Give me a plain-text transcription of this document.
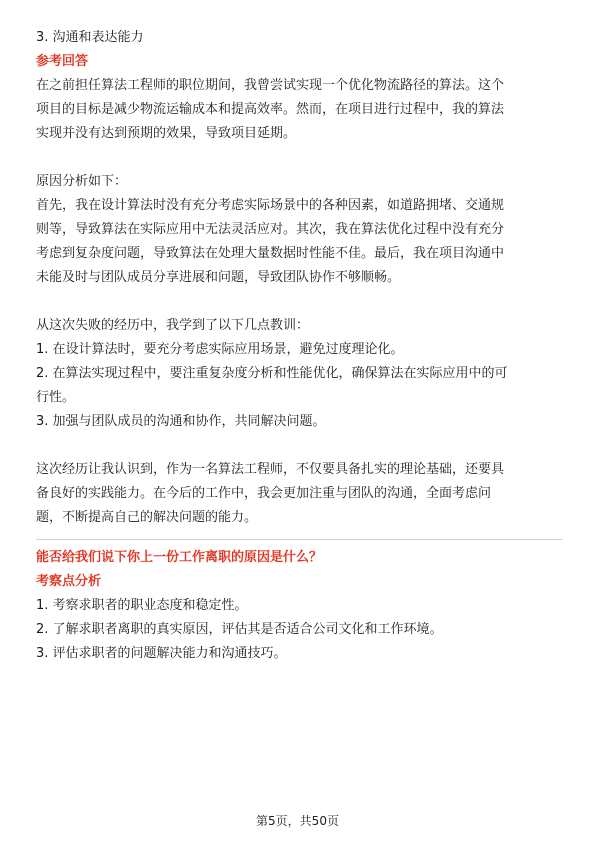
3. 沟通和表达能力

参考回答

在之前担任算法工程师的职位期间，我曾尝试实现一个优化物流路径的算法。这个

项目的目标是减少物流运输成本和提高效率。然而，在项目进行过程中，我的算法

实现并没有达到预期的效果，导致项目延期。

原因分析如下：

首先，我在设计算法时没有充分考虑实际场景中的各种因素，如道路拥堵、交通规

则等，导致算法在实际应用中无法灵活应对。其次，我在算法优化过程中没有充分

考虑到复杂度问题，导致算法在处理大量数据时性能不佳。最后，我在项目沟通中

未能及时与团队成员分享进展和问题，导致团队协作不够顺畅。

从这次失败的经历中，我学到了以下几点教训：

1. 在设计算法时，要充分考虑实际应用场景，避免过度理论化。

2. 在算法实现过程中，要注重复杂度分析和性能优化，确保算法在实际应用中的可

行性。

3. 加强与团队成员的沟通和协作，共同解决问题。

这次经历让我认识到，作为一名算法工程师，不仅要具备扎实的理论基础，还要具

备良好的实践能力。在今后的工作中，我会更加注重与团队的沟通，全面考虑问

题，不断提高自己的解决问题的能力。

能否给我们说下你上一份工作离职的原因是什么？

考察点分析

1. 考察求职者的职业态度和稳定性。

2. 了解求职者离职的真实原因，评估其是否适合公司文化和工作环境。

3. 评估求职者的问题解决能力和沟通技巧。

第5页，共50页
